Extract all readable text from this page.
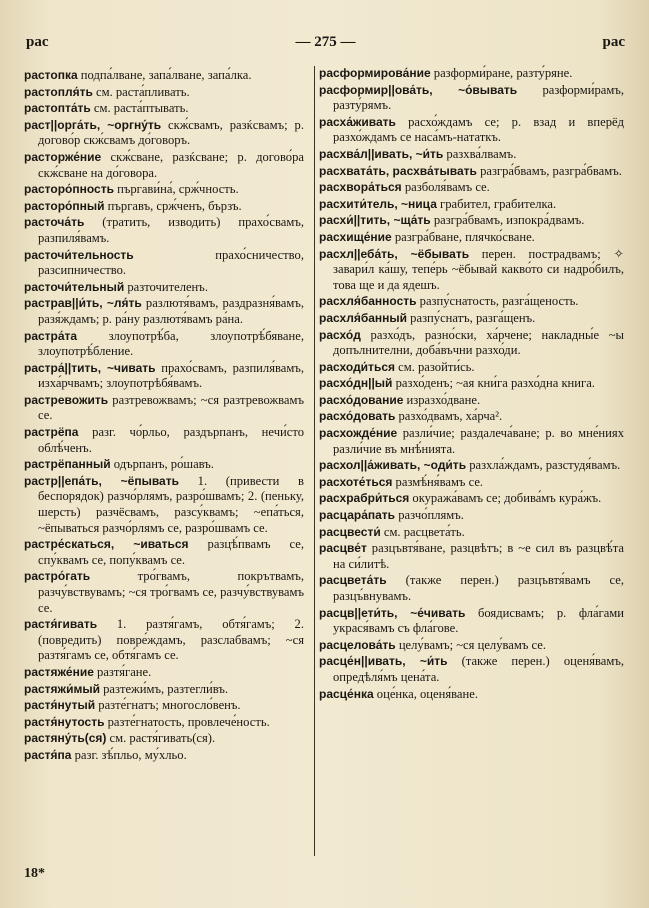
рас	— 275 —	рас
растопка подпа́лване, запа́лване, запа́лка.
растопля́ть см. раста́пливать.
растопта́ть см. раста́птывать.
раст||орга́ть, ~оргну́ть скж́свамъ, разќсвамъ; р. догово́р скж́свамъ до́говоръ.
расторже́ние скж́сване, разќсване; р. догово́ра скж́сване на до́говора.
расторо́пность пъргави́на́, срж́чность.
расторо́пный пъргавъ, срж́ченъ, бързъ.
расточа́ть (тратить, изводить) прахо́свамъ, разпиля́вамъ.
расточи́тельность прахо́сничество, разсипничество.
расточи́тельный разточителенъ.
растрав||и́ть, ~ля́ть разлютя́вамъ, раздразня́вамъ, разя́ждамъ; р. ра́ну разлютя́вамъ ра́на.
растра́та злоупотрѣ́ба, злоупотрѣ́бяване, злоупотрѣ́бление.
растра́||тить, ~чивать прахо́свамъ, разпиля́вамъ, изха́рчвамъ; злоупотрѣбя́вамъ.
растревожить разтревожвамъ; ~ся разтревожвамъ се.
растрёпа разг. чо́рльо, раздърпанъ, нечи́сто облѣ́ченъ.
растрёпанный одърпанъ, ро́шавъ.
растр||епа́ть, ~ёпывать 1. (привести в беспорядок) разчо́рлямъ, разро́швамъ; 2. (пеньку, шерсть) разчёсвамъ, разсу́квамъ; ~епа́ться, ~ёпываться разчо́рлямъ се, разро́швамъ се.
растре́скаться, ~иваться разцѣ́пвамъ се, спу́квамъ се, попу́квамъ се.
растро́гать тро́гвамъ, покрътвамъ, разчу́вствувамъ; ~ся тро́гвамъ се, разчу́вствувамъ се.
растя́гивать 1. разтя́гамъ, обтя́гамъ; 2. (повредить) повре́ждамъ, разслабвамъ; ~ся разтя́гамъ се, обтя́гамъ се.
растяже́ние разтя́гане.
растяжи́мый разтежи́мъ, разтегли́въ.
растя́нутый разте́гнатъ; многосло́венъ.
растя́нутость разте́гнатость, провлече́ность.
растяну́ть(ся) см. растя́гивать(ся).
растя́па разг. зѣ́пльо, му́хльо.
расформирова́ние разформи́ране, разту́ряне.
расформир||ова́ть, ~о́вывать разформи́рамъ, разту́рямъ.
расха́живать расхо́ждамъ се; р. взад и вперёд разхо́ждамъ се наса́мъ-нататкъ.
расхва́л||ивать, ~и́ть разхва́лвамъ.
расхвата́ть, расхва́тывать разгра́бвамъ, разгра́бвамъ.
расхвора́ться разболя́вамъ се.
расхити́тель, ~ница грабител, грабителка.
расхи́||тить, ~ща́ть разгра́бвамъ, изпокра́двамъ.
расхище́ние разгра́бване, плячко́сване.
расхл||еба́ть, ~ёбывать перен. пострадвамъ; ✧ завари́л ка́шу, тепе́рь ~ёбывай какво́то си надро́билъ, това ще и да ядешъ.
расхля́банность разпу́снатость, разга́щеность.
расхля́банный разпу́снатъ, разга́щенъ.
расхо́д разхо́дъ, разно́ски, ха́рчене; накладны́е ~ы допълнителни, доба́въчни разхо́ди.
расходи́ться см. разойти́сь.
расхо́дн||ый разхо́денъ; ~ая кни́га разхо́дна книга.
расхо́дование изразхо́дване.
расхо́довать разхо́двамъ, ха́рча².
расхожде́ние разли́чие; раздалеча́ване; р. во мне́ниях разли́чие въ мнѣ́нията.
расхол||а́живать, ~оди́ть разхла́ждамъ, разстудя́вамъ.
расхоте́ться размѣ́ня́вамъ се.
расхрабри́ться окуража́вамъ се; добива́мъ кура́жъ.
расцара́пать разчо́плямъ.
расцвести́ см. расцвета́ть.
расцве́т разцъвтя́ване, разцвѣтъ; в ~е сил въ разцвѣ́та на си́литѣ.
расцвета́ть (также перен.) разцъвтя́вамъ се, разцъ́внувамъ.
расцв||ети́ть, ~е́чивать боядисвамъ; р. фла́гами украся́вамъ съ фла́гове.
расцелова́ть целу́вамъ; ~ся целу́вамъ се.
расце́н||ивать, ~и́ть (также перен.) оценя́вамъ, опредѣля́мъ цена́та.
расце́нка оце́нка, оценя́ване.
18*
